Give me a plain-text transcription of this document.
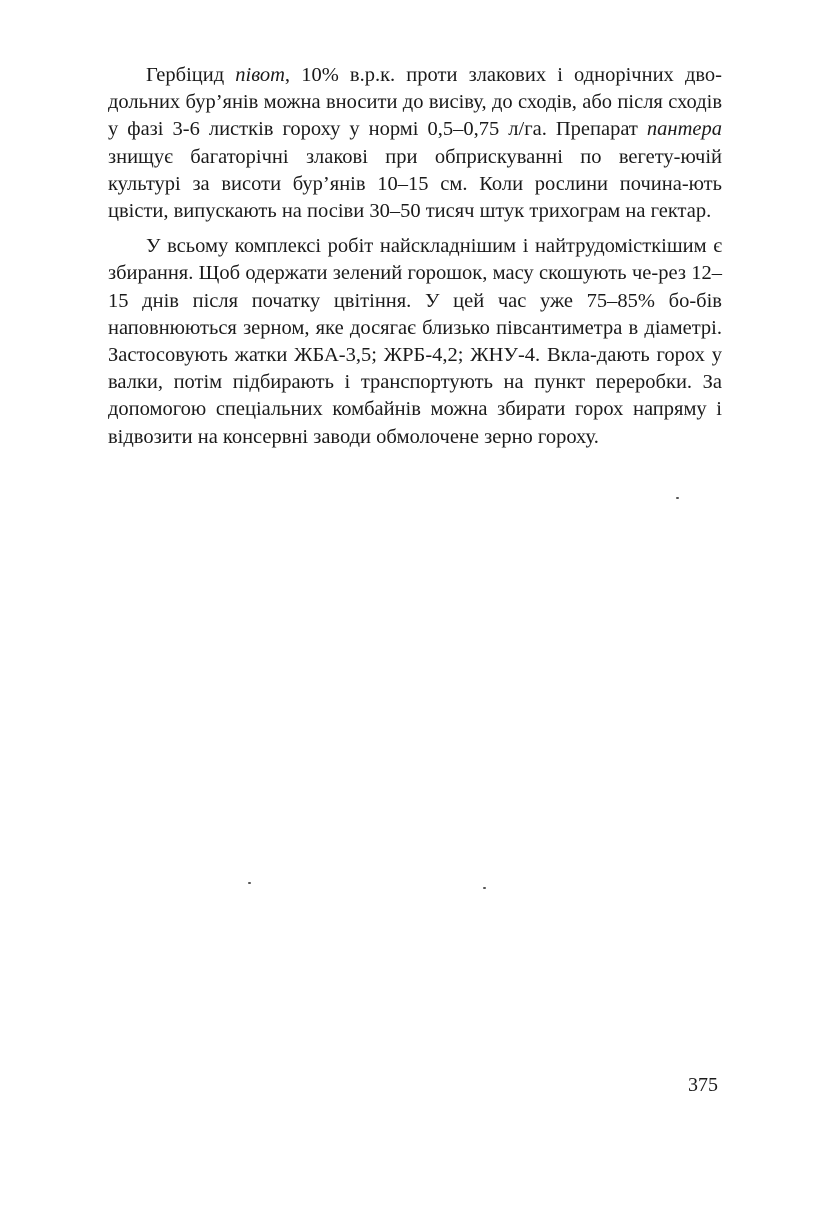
Гербіцид півот, 10% в.р.к. проти злакових і однорічних дво-дольних бур’янів можна вносити до висіву, до сходів, або після сходів у фазі 3-6 листків гороху у нормі 0,5–0,75 л/га. Препарат пантера знищує багаторічні злакові при обприскуванні по вегету-ючій культурі за висоти бур’янів 10–15 см. Коли рослини почина-ють цвісти, випускають на посіви 30–50 тисяч штук трихограм на гектар.

У всьому комплексі робіт найскладнішим і найтрудомісткішим є збирання. Щоб одержати зелений горошок, масу скошують че-рез 12–15 днів після початку цвітіння. У цей час уже 75–85% бо-бів наповнюються зерном, яке досягає близько півсантиметра в діаметрі. Застосовують жатки ЖБА-3,5; ЖРБ-4,2; ЖНУ-4. Вкла-дають горох у валки, потім підбирають і транспортують на пункт переробки. За допомогою спеціальних комбайнів можна збирати горох напряму і відвозити на консервні заводи обмолочене зерно гороху.

375
